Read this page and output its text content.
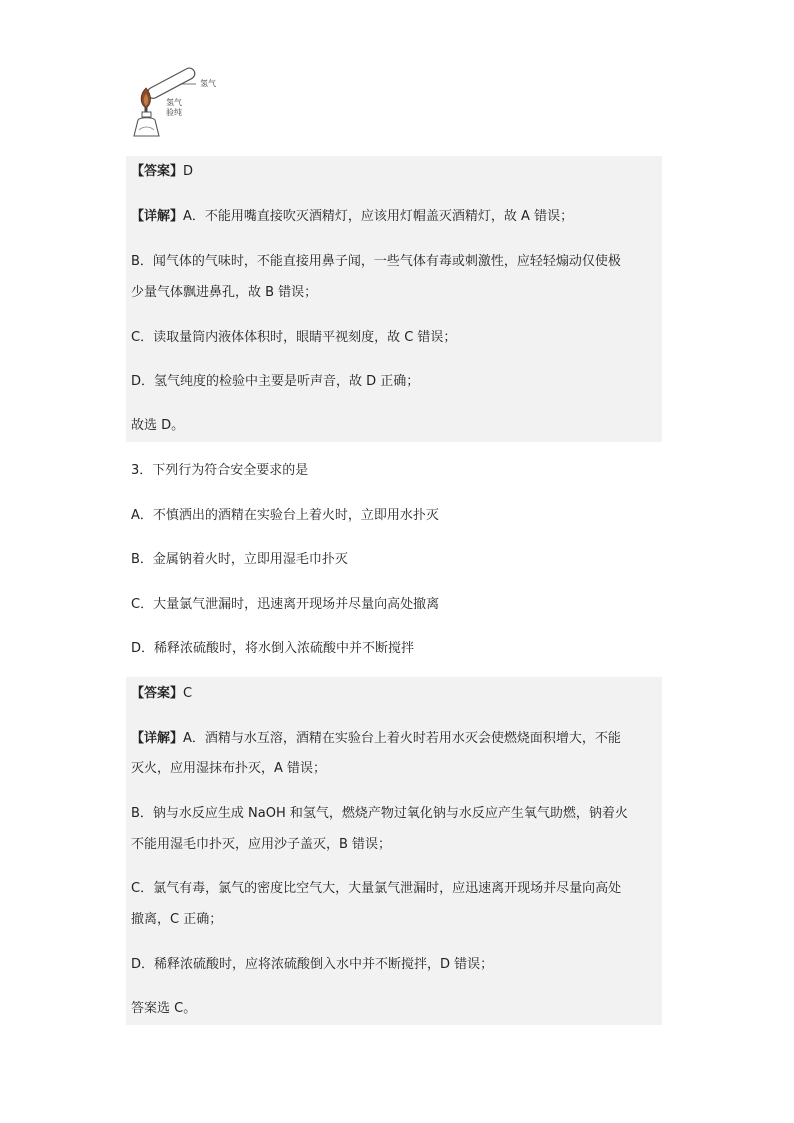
氢气
氢气
验纯
【答案】D
【详解】A．不能用嘴直接吹灭酒精灯，应该用灯帽盖灭酒精灯，故 A 错误；
B．闻气体的气味时，不能直接用鼻子闻，一些气体有毒或刺激性，应轻轻煽动仅使极
少量气体飘进鼻孔，故 B 错误；
C．读取量筒内液体体积时，眼睛平视刻度，故 C 错误；
D．氢气纯度的检验中主要是听声音，故 D 正确；
故选 D。
3．下列行为符合安全要求的是
A．不慎洒出的酒精在实验台上着火时，立即用水扑灭
B．金属钠着火时，立即用湿毛巾扑灭
C．大量氯气泄漏时，迅速离开现场并尽量向高处撤离
D．稀释浓硫酸时，将水倒入浓硫酸中并不断搅拌
【答案】C
【详解】A．酒精与水互溶，酒精在实验台上着火时若用水灭会使燃烧面积增大，不能
灭火，应用湿抹布扑灭，A 错误；
B．钠与水反应生成 NaOH 和氢气，燃烧产物过氧化钠与水反应产生氧气助燃，钠着火
不能用湿毛巾扑灭，应用沙子盖灭，B 错误；
C．氯气有毒，氯气的密度比空气大，大量氯气泄漏时，应迅速离开现场并尽量向高处
撤离，C 正确；
D．稀释浓硫酸时，应将浓硫酸倒入水中并不断搅拌，D 错误；
答案选 C。
